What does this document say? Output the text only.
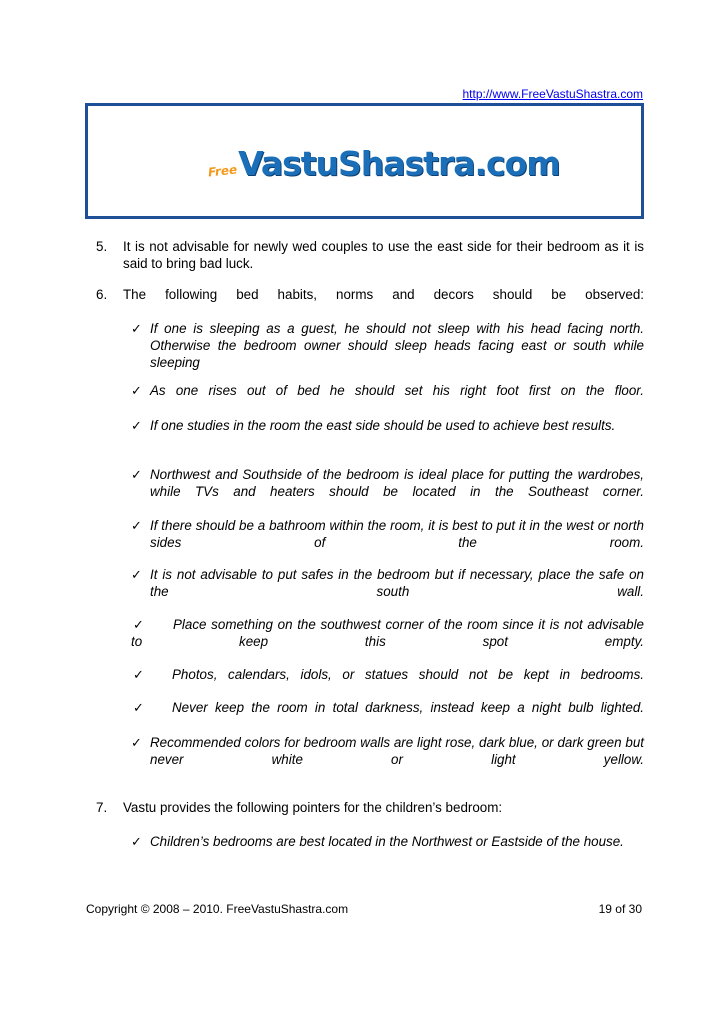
http://www.FreeVastuShastra.com
Free VastuShastra.com
5. It is not advisable for newly wed couples to use the east side for their bedroom as it is said to bring bad luck.
6. The following bed habits, norms and decors should be observed:
✓ If one is sleeping as a guest, he should not sleep with his head facing north. Otherwise the bedroom owner should sleep heads facing east or south while sleeping
✓ As one rises out of bed he should set his right foot first on the floor.
✓ If one studies in the room the east side should be used to achieve best results.
✓ Northwest and Southside of the bedroom is ideal place for putting the wardrobes, while TVs and heaters should be located in the Southeast corner.
✓ If there should be a bathroom within the room, it is best to put it in the west or north sides of the room.
✓ It is not advisable to put safes in the bedroom but if necessary, place the safe on the south wall.
✓	Place something on the southwest corner of the room since it is not advisable to keep this spot empty.
✓ Photos, calendars, idols, or statues should not be kept in bedrooms.
✓ Never keep the room in total darkness, instead keep a night bulb lighted.
✓ Recommended colors for bedroom walls are light rose, dark blue, or dark green but never white or light yellow.
7. Vastu provides the following pointers for the children’s bedroom:
✓ Children’s bedrooms are best located in the Northwest or Eastside of the house.
Copyright © 2008 – 2010. FreeVastuShastra.com	19 of 30
